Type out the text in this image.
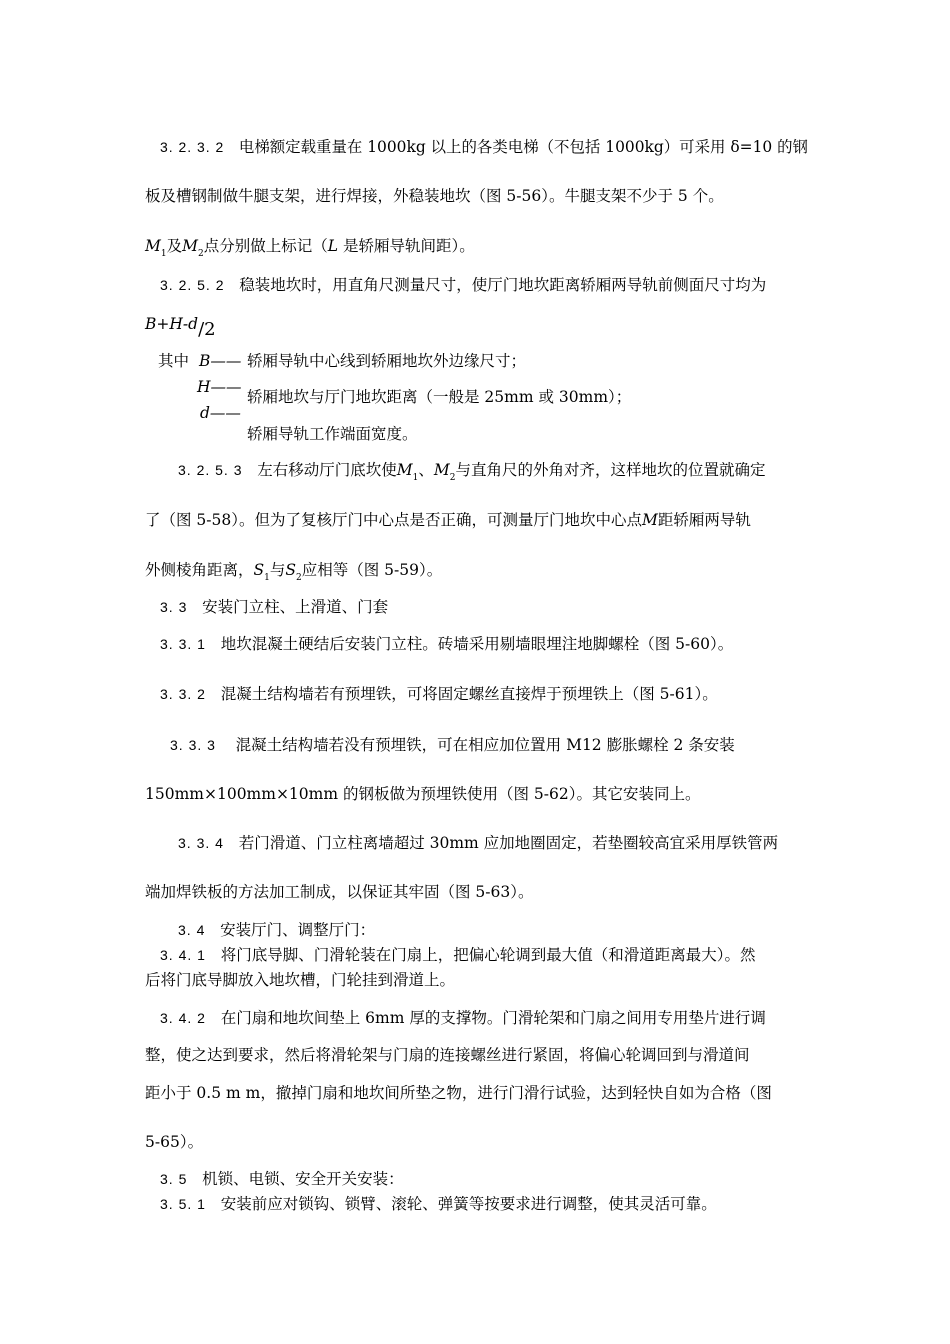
3. 2. 3. 2 电梯额定载重量在 1000kg 以上的各类电梯（不包括 1000kg）可采用 δ=10 的钢
板及槽钢制做牛腿支架，进行焊接，外稳装地坎（图 5-56）。牛腿支架不少于 5 个。
$M_1$及$M_2$点分别做上标记（L 是轿厢导轨间距）。
3. 2. 5. 2 稳装地坎时，用直角尺测量尺寸，使厅门地坎距离轿厢两导轨前侧面尺寸均为
B+H-d/2
其中 B—— 轿厢导轨中心线到轿厢地坎外边缘尺寸；
H——
轿厢地坎与厅门地坎距离（一般是 25mm 或 30mm）；
d——
轿厢导轨工作端面宽度。
3. 2. 5. 3 左右移动厅门底坎使$M_1$、$M_2$与直角尺的外角对齐，这样地坎的位置就确定
了（图 5-58）。但为了复核厅门中心点是否正确，可测量厅门地坎中心点M距轿厢两导轨
外侧棱角距离，$S_1$与$S_2$应相等（图 5-59）。
3. 3 安装门立柱、上滑道、门套
3. 3. 1 地坎混凝土硬结后安装门立柱。砖墙采用剔墙眼埋注地脚螺栓（图 5-60）。
3. 3. 2 混凝土结构墙若有预埋铁，可将固定螺丝直接焊于预埋铁上（图 5-61）。
3. 3. 3 混凝土结构墙若没有预埋铁，可在相应加位置用 M12 膨胀螺栓 2 条安装
150mm×100mm×10mm 的钢板做为预埋铁使用（图 5-62）。其它安装同上。
3. 3. 4 若门滑道、门立柱离墙超过 30mm 应加地圈固定，若垫圈较高宜采用厚铁管两
端加焊铁板的方法加工制成，以保证其牢固（图 5-63）。
3. 4 安装厅门、调整厅门：
3. 4. 1 将门底导脚、门滑轮装在门扇上，把偏心轮调到最大值（和滑道距离最大）。然
后将门底导脚放入地坎槽，门轮挂到滑道上。
3. 4. 2 在门扇和地坎间垫上 6mm 厚的支撑物。门滑轮架和门扇之间用专用垫片进行调
整，使之达到要求，然后将滑轮架与门扇的连接螺丝进行紧固，将偏心轮调回到与滑道间
距小于 0.5 m m，撤掉门扇和地坎间所垫之物，进行门滑行试验，达到轻快自如为合格（图
5-65）。
3. 5 机锁、电锁、安全开关安装：
3. 5. 1 安装前应对锁钩、锁臂、滚轮、弹簧等按要求进行调整，使其灵活可靠。
